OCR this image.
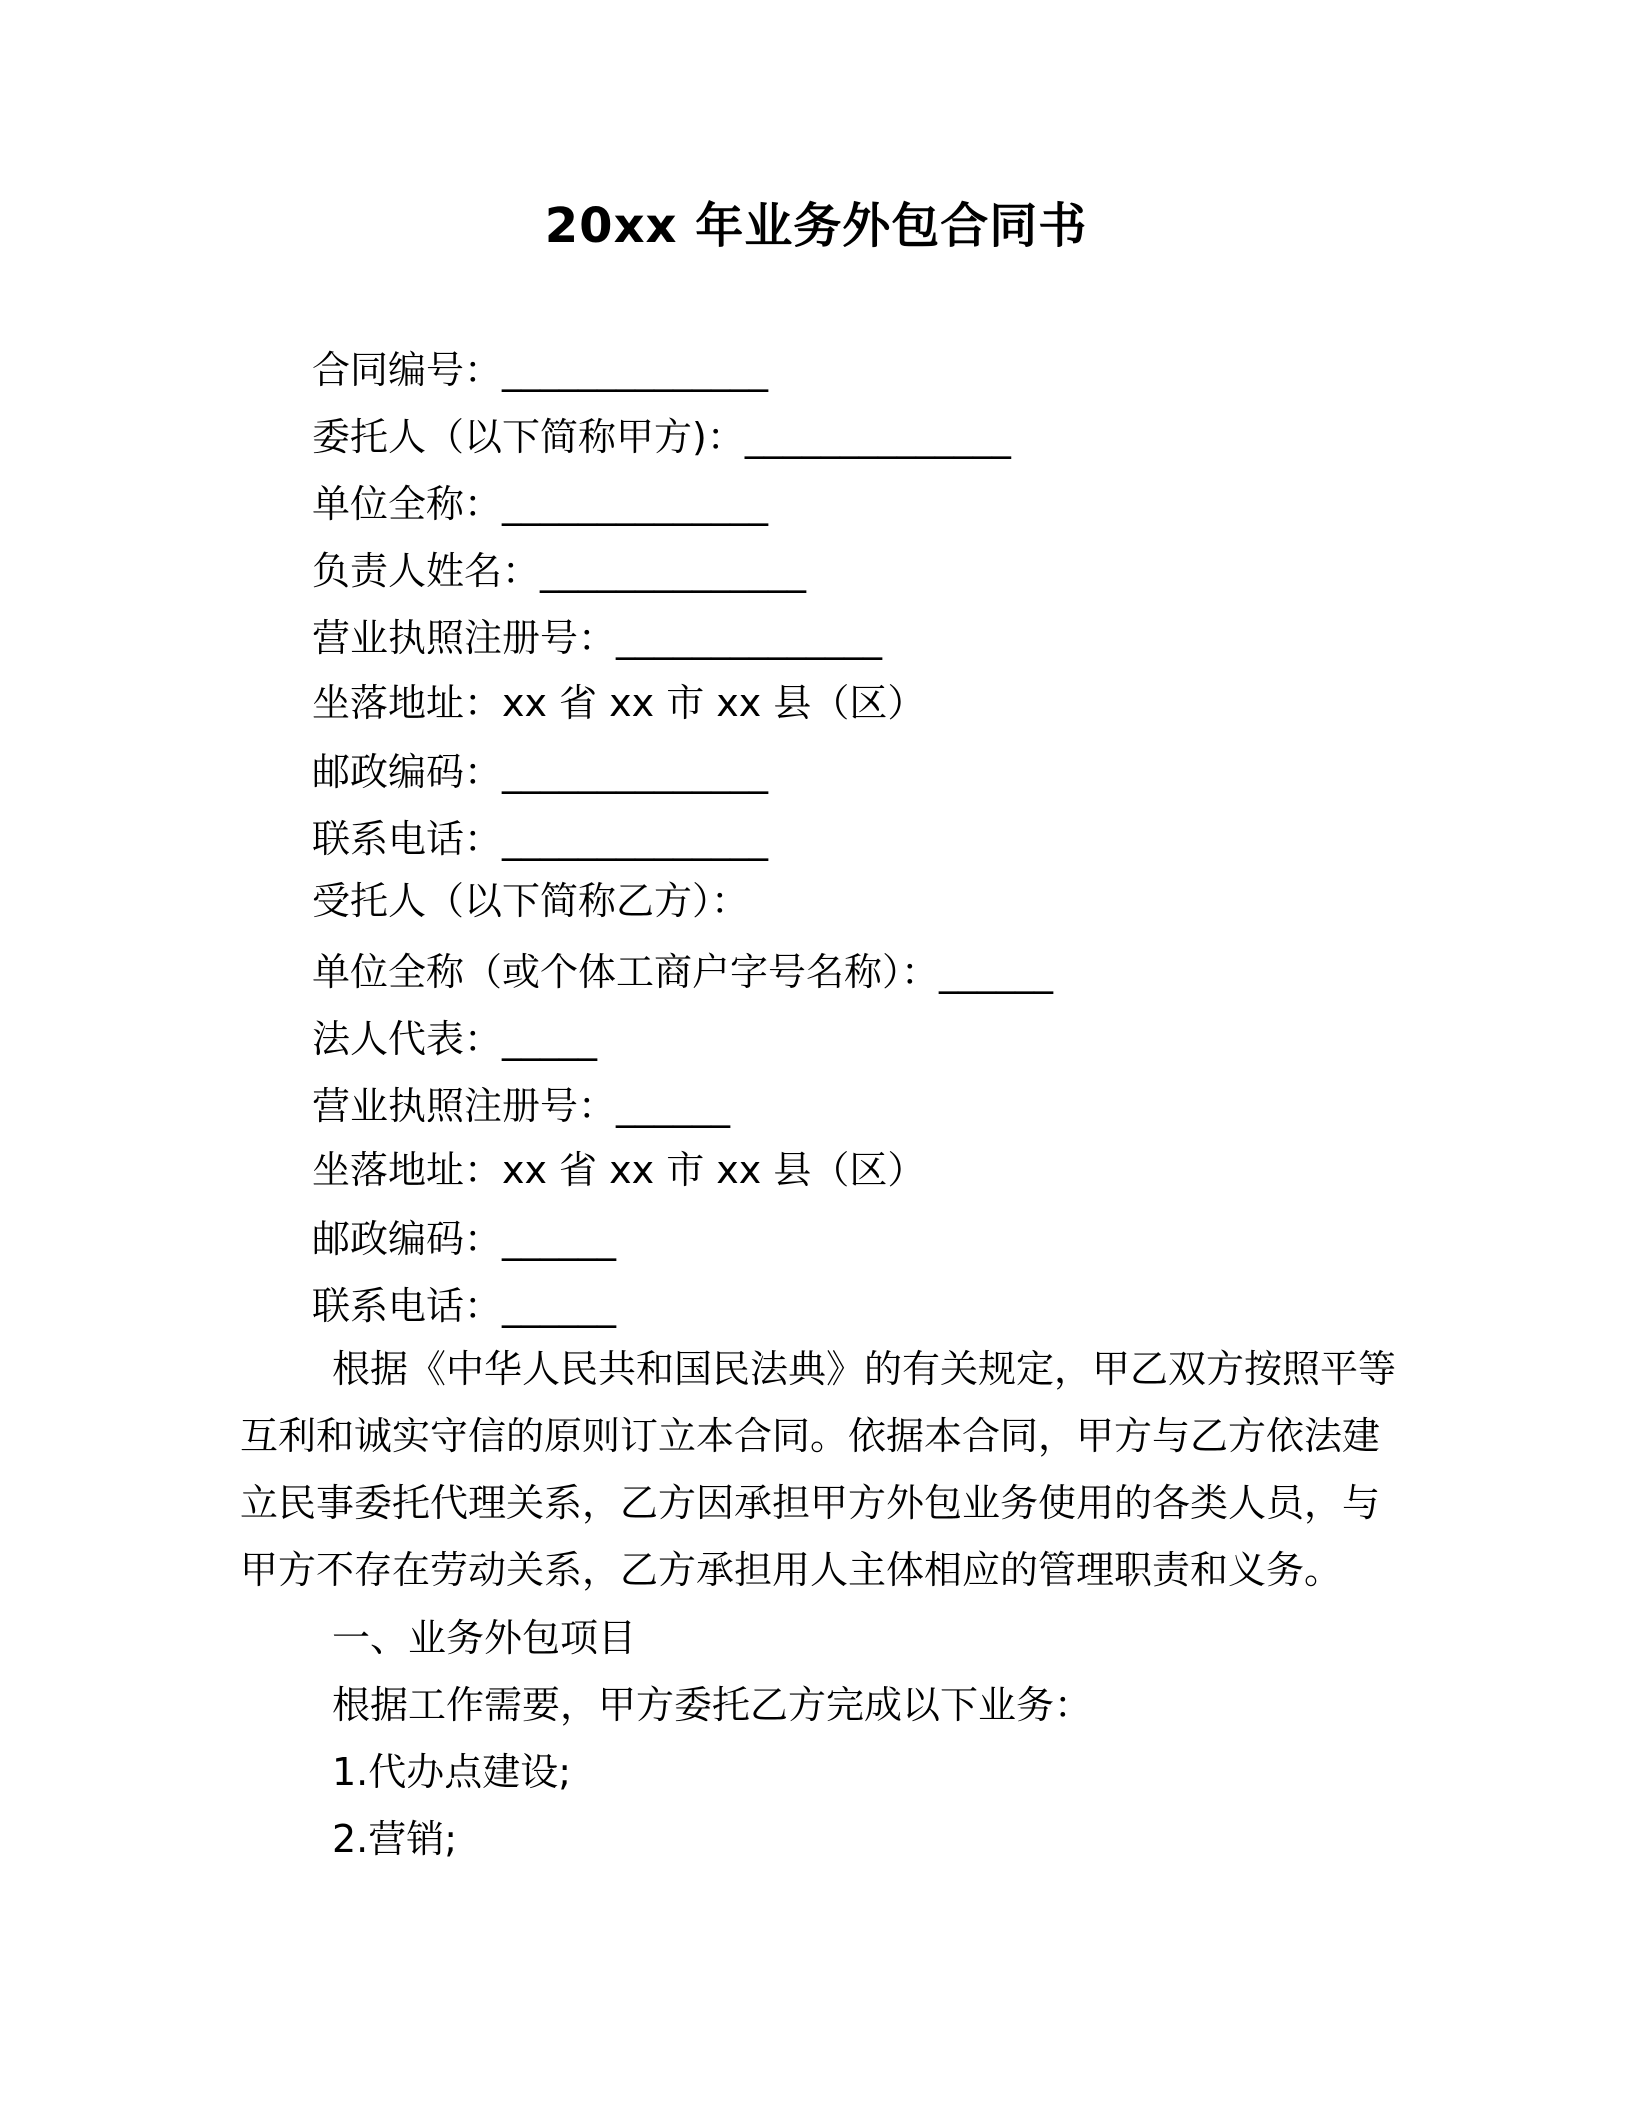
20xx 年业务外包合同书
合同编号：______________
委托人（以下简称甲方)：______________
单位全称：______________
负责人姓名：______________
营业执照注册号：______________
坐落地址：xx 省 xx 市 xx 县（区）
邮政编码：______________
联系电话：______________
受托人（以下简称乙方）：
单位全称（或个体工商户字号名称）：______
法人代表：_____
营业执照注册号：______
坐落地址：xx 省 xx 市 xx 县（区）
邮政编码：______
联系电话：______

根据《中华人民共和国民法典》的有关规定，甲乙双方按照平等互利和诚实守信的原则订立本合同。依据本合同，甲方与乙方依法建立民事委托代理关系，乙方因承担甲方外包业务使用的各类人员，与甲方不存在劳动关系，乙方承担用人主体相应的管理职责和义务。

一、业务外包项目
根据工作需要，甲方委托乙方完成以下业务：
1.代办点建设;
2.营销;
